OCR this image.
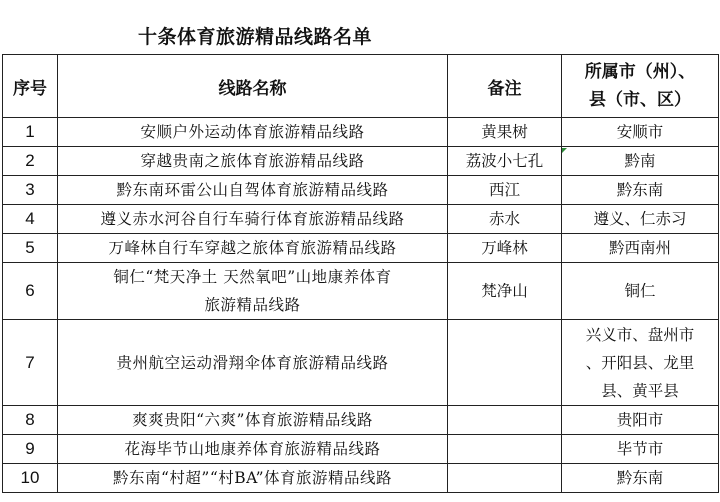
十条体育旅游精品线路名单
序号	线路名称	备注	所属市（州）、
县（市、区）

1	安顺户外运动体育旅游精品线路	黄果树	安顺市
2	穿越贵南之旅体育旅游精品线路	荔波小七孔	黔南
3	黔东南环雷公山自驾体育旅游精品线路	西江	黔东南
4	遵义赤水河谷自行车骑行体育旅游精品线路	赤水	遵义、仁赤习
5	万峰林自行车穿越之旅体育旅游精品线路	万峰林	黔西南州
6	铜仁“梵天净土 天然氧吧”山地康养体育
旅游精品线路	梵净山	铜仁
7	贵州航空运动滑翔伞体育旅游精品线路		兴义市、盘州市
、开阳县、龙里
县、黄平县

8	爽爽贵阳“六爽”体育旅游精品线路		贵阳市
9	花海毕节山地康养体育旅游精品线路		毕节市
10	黔东南“村超”“村BA”体育旅游精品线路		黔东南
